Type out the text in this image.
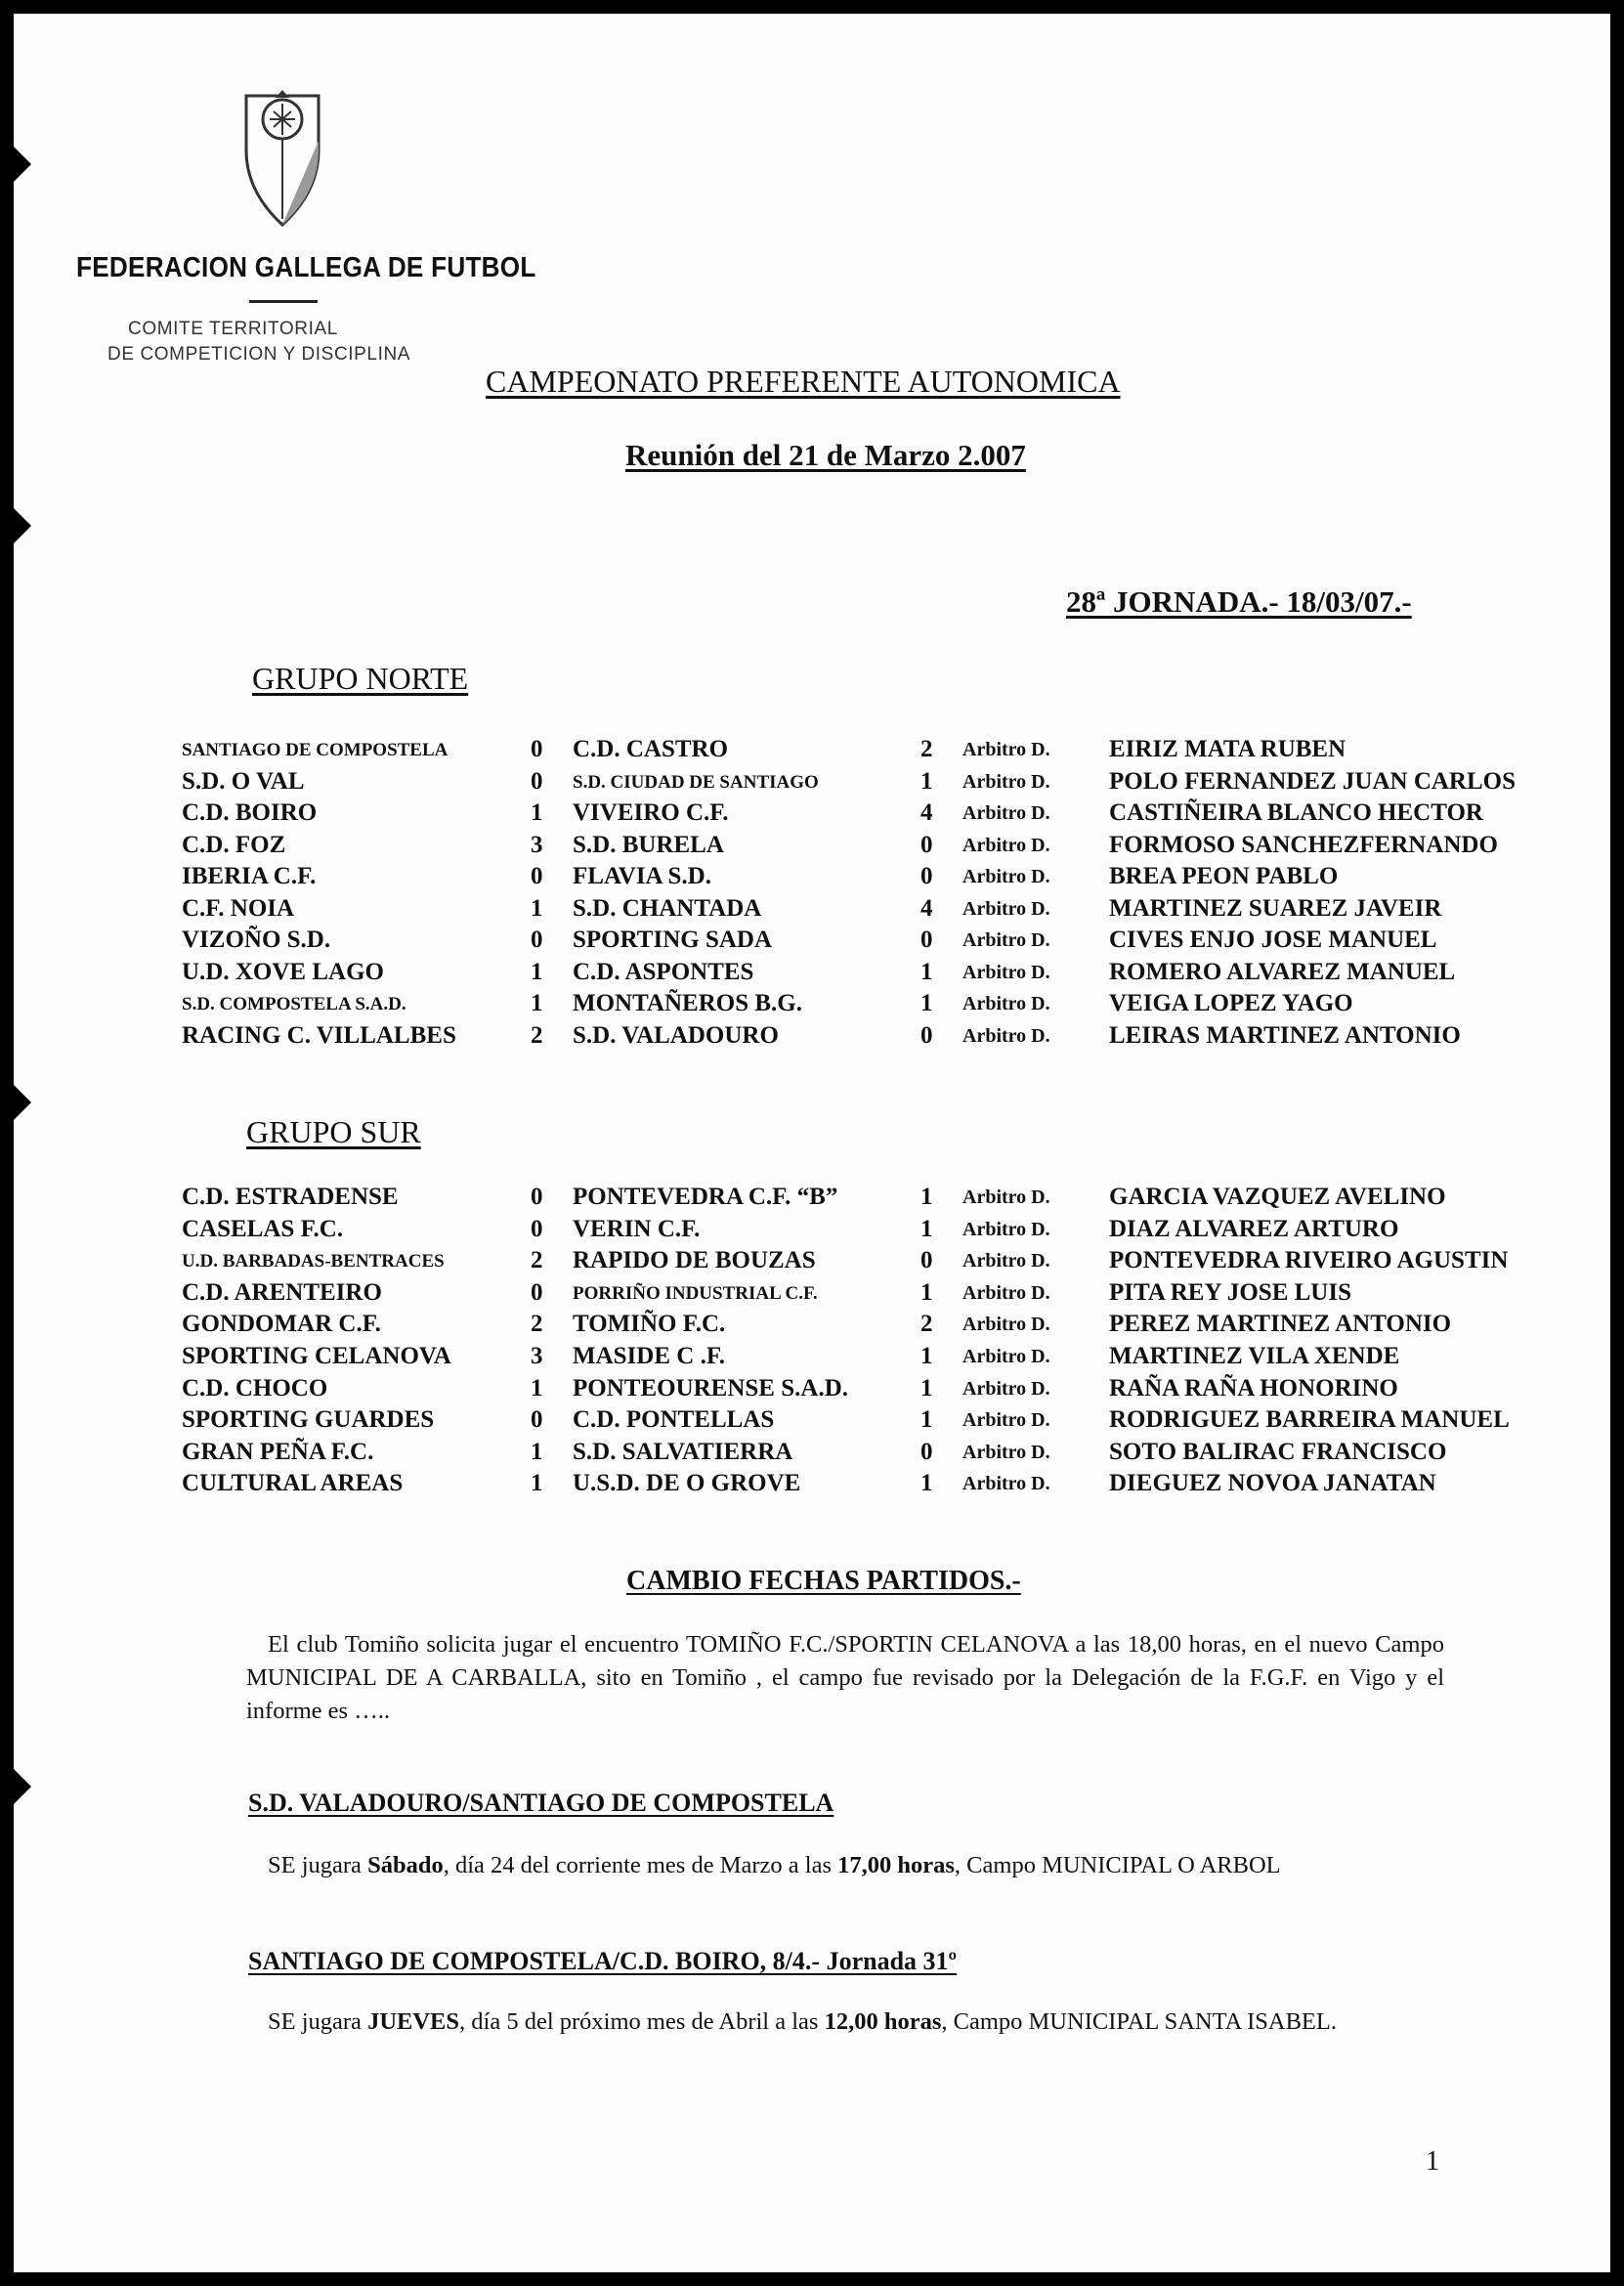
FEDERACION GALLEGA DE FUTBOL
COMITE TERRITORIAL
DE COMPETICION Y DISCIPLINA
CAMPEONATO PREFERENTE AUTONOMICA
Reunión del 21 de Marzo 2.007
28ª JORNADA.- 18/03/07.-
GRUPO NORTE
SANTIAGO DE COMPOSTELA	0 C.D. CASTRO	2 Arbitro D. EIRIZ MATA RUBEN
S.D. O VAL	0 S.D. CIUDAD DE SANTIAGO	1 Arbitro D. POLO FERNANDEZ JUAN CARLOS
C.D. BOIRO	1 VIVEIRO C.F.	4 Arbitro D. CASTIÑEIRA BLANCO HECTOR
C.D. FOZ	3 S.D. BURELA	0 Arbitro D. FORMOSO SANCHEZFERNANDO
IBERIA C.F.	0 FLAVIA S.D.	0 Arbitro D. BREA PEON PABLO
C.F. NOIA	1 S.D. CHANTADA	4 Arbitro D. MARTINEZ SUAREZ JAVEIR
VIZOÑO S.D.	0 SPORTING SADA	0 Arbitro D. CIVES ENJO JOSE MANUEL
U.D. XOVE LAGO	1 C.D. ASPONTES	1 Arbitro D. ROMERO ALVAREZ MANUEL
S.D. COMPOSTELA S.A.D.	1 MONTAÑEROS B.G.	1 Arbitro D. VEIGA LOPEZ YAGO
RACING C. VILLALBES	2 S.D. VALADOURO	0 Arbitro D. LEIRAS MARTINEZ ANTONIO
GRUPO SUR
C.D. ESTRADENSE	0 PONTEVEDRA C.F. “B”	1 Arbitro D. GARCIA VAZQUEZ AVELINO
CASELAS F.C.	0 VERIN C.F.	1 Arbitro D. DIAZ ALVAREZ ARTURO
U.D. BARBADAS-BENTRACES	2 RAPIDO DE BOUZAS	0 Arbitro D. PONTEVEDRA RIVEIRO AGUSTIN
C.D. ARENTEIRO	0 PORRIÑO INDUSTRIAL C.F.	1 Arbitro D. PITA REY JOSE LUIS
GONDOMAR C.F.	2 TOMIÑO F.C.	2 Arbitro D. PEREZ MARTINEZ ANTONIO
SPORTING CELANOVA	3 MASIDE C .F.	1 Arbitro D. MARTINEZ VILA XENDE
C.D. CHOCO	1 PONTEOURENSE S.A.D.	1 Arbitro D. RAÑA RAÑA HONORINO
SPORTING GUARDES	0 C.D. PONTELLAS	1 Arbitro D. RODRIGUEZ BARREIRA MANUEL
GRAN PEÑA F.C.	1 S.D. SALVATIERRA	0 Arbitro D. SOTO BALIRAC FRANCISCO
CULTURAL AREAS	1 U.S.D. DE O GROVE	1 Arbitro D. DIEGUEZ NOVOA JANATAN
CAMBIO FECHAS PARTIDOS.-
El club Tomiño solicita jugar el encuentro TOMIÑO F.C./SPORTIN CELANOVA a las 18,00 horas, en el nuevo Campo MUNICIPAL DE A CARBALLA, sito en Tomiño , el campo fue revisado por la Delegación de la F.G.F. en Vigo y el informe es …..
S.D. VALADOURO/SANTIAGO DE COMPOSTELA
SE jugara Sábado, día 24 del corriente mes de Marzo a las 17,00 horas, Campo MUNICIPAL O ARBOL
SANTIAGO DE COMPOSTELA/C.D. BOIRO, 8/4.- Jornada 31º
SE jugara JUEVES, día 5 del próximo mes de Abril a las 12,00 horas, Campo MUNICIPAL SANTA ISABEL.
1
